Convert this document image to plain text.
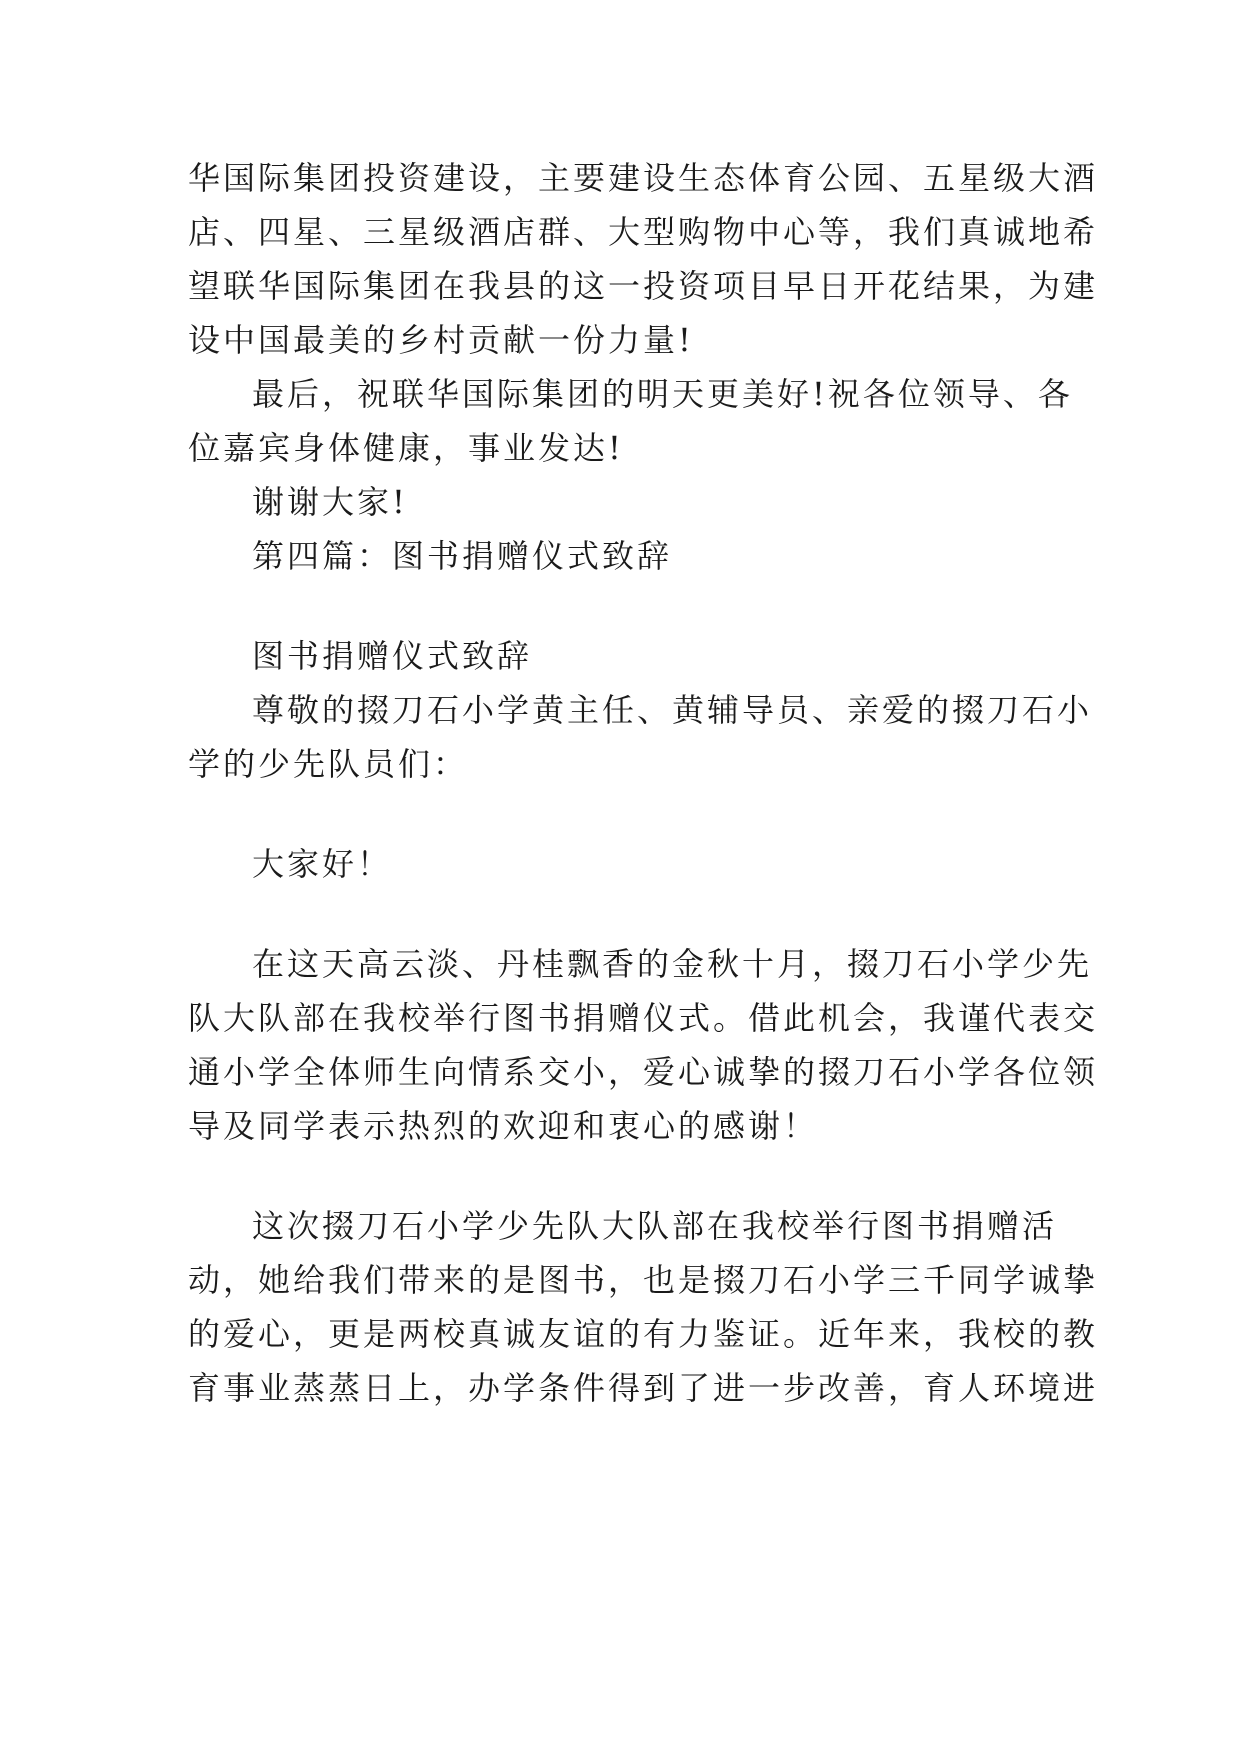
华国际集团投资建设，主要建设生态体育公园、五星级大酒
店、四星、三星级酒店群、大型购物中心等，我们真诚地希
望联华国际集团在我县的这一投资项目早日开花结果，为建
设中国最美的乡村贡献一份力量!
最后，祝联华国际集团的明天更美好!祝各位领导、各
位嘉宾身体健康，事业发达!
谢谢大家!
第四篇：图书捐赠仪式致辞
图书捐赠仪式致辞
尊敬的掇刀石小学黄主任、黄辅导员、亲爱的掇刀石小
学的少先队员们：
大家好！
在这天高云淡、丹桂飘香的金秋十月，掇刀石小学少先
队大队部在我校举行图书捐赠仪式。借此机会，我谨代表交
通小学全体师生向情系交小，爱心诚挚的掇刀石小学各位领
导及同学表示热烈的欢迎和衷心的感谢！
这次掇刀石小学少先队大队部在我校举行图书捐赠活
动，她给我们带来的是图书，也是掇刀石小学三千同学诚挚
的爱心，更是两校真诚友谊的有力鉴证。近年来，我校的教
育事业蒸蒸日上，办学条件得到了进一步改善，育人环境进
